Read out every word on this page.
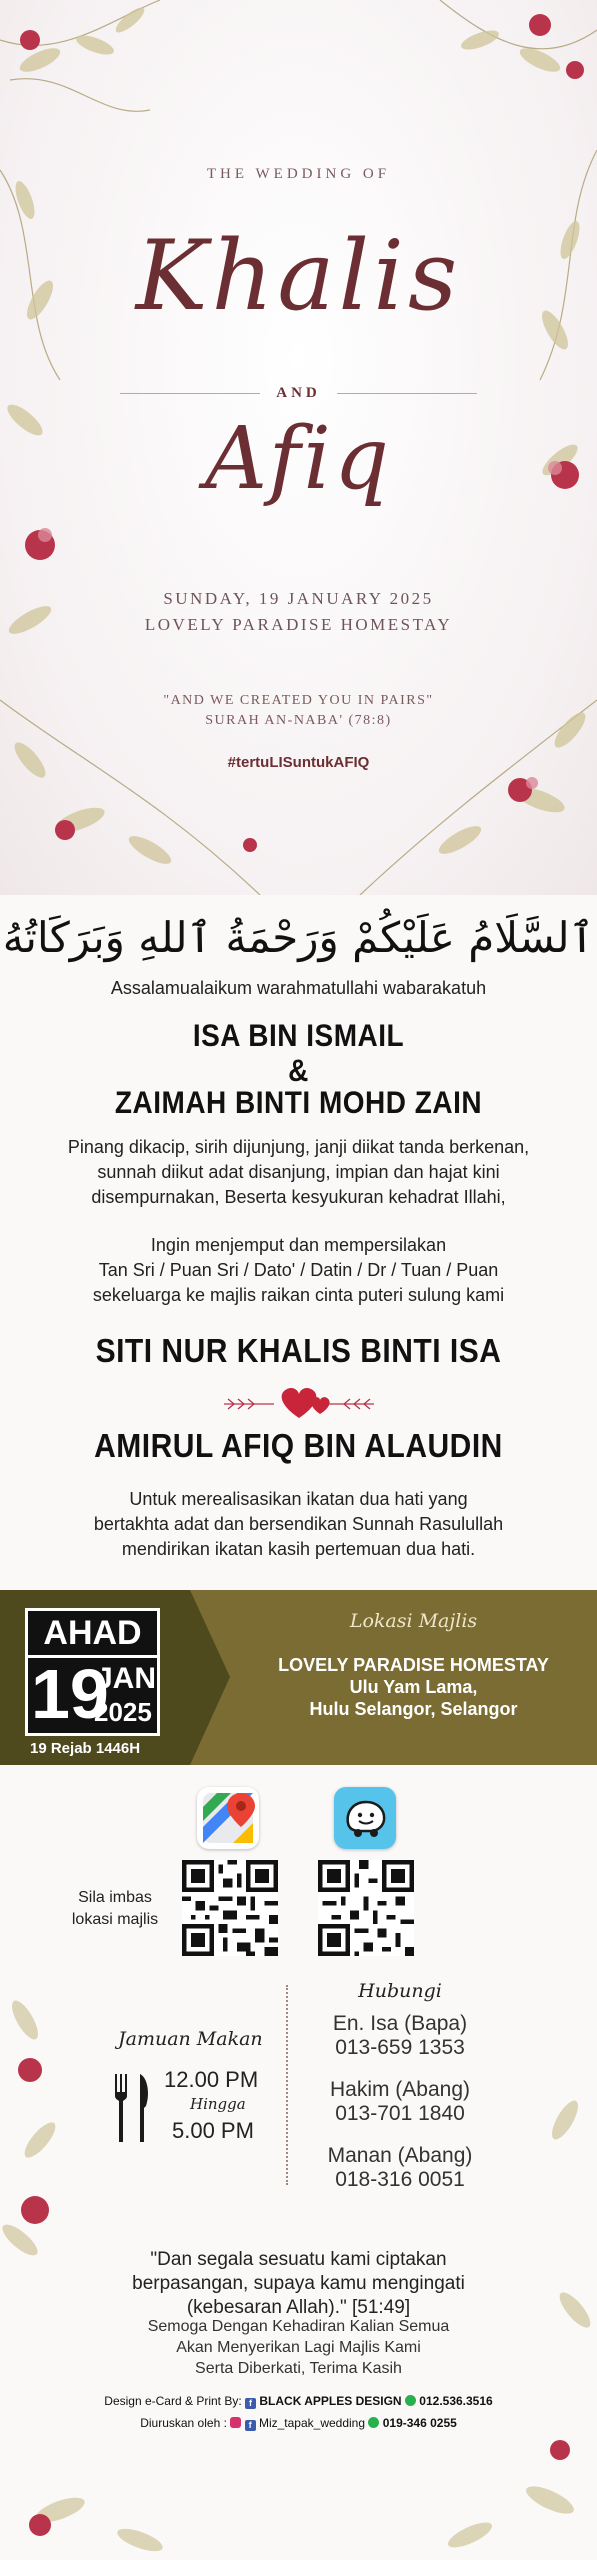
THE WEDDING OF
Khalis
AND
Afiq
SUNDAY, 19 JANUARY 2025
LOVELY PARADISE HOMESTAY
"AND WE CREATED YOU IN PAIRS"
SURAH AN-NABA' (78:8)
#tertuLISuntukAFIQ
ٱلسَّلَامُ عَلَيْكُمْ وَرَحْمَةُ ٱللهِ وَبَرَكَاتُهُ
Assalamualaikum warahmatullahi wabarakatuh
ISA BIN ISMAIL
&
ZAIMAH BINTI MOHD ZAIN
Pinang dikacip, sirih dijunjung, janji diikat tanda berkenan,
sunnah diikut adat disanjung, impian dan hajat kini
disempurnakan, Beserta kesyukuran kehadrat Illahi,
Ingin menjemput dan mempersilakan
Tan Sri / Puan Sri / Dato' / Datin / Dr / Tuan / Puan
sekeluarga ke majlis raikan cinta puteri sulung kami
SITI NUR KHALIS BINTI ISA
AMIRUL AFIQ BIN ALAUDIN
Untuk merealisasikan ikatan dua hati yang
bertakhta adat dan bersendikan Sunnah Rasulullah
mendirikan ikatan kasih pertemuan dua hati.
AHAD
19
JAN
2025
19 Rejab 1446H
Lokasi Majlis
LOVELY PARADISE HOMESTAY
Ulu Yam Lama,
Hulu Selangor, Selangor
Sila imbas
lokasi majlis
Jamuan Makan
12.00 PM
Hingga
5.00 PM
Hubungi
En. Isa (Bapa)
013-659 1353
Hakim (Abang)
013-701 1840
Manan (Abang)
018-316 0051
"Dan segala sesuatu kami ciptakan
berpasangan, supaya kamu mengingati
(kebesaran Allah)." [51:49]
Semoga Dengan Kehadiran Kalian Semua
Akan Menyerikan Lagi Majlis Kami
Serta Diberkati, Terima Kasih
Design e-Card & Print By: f BLACK APPLES DESIGN 012.536.3516
Diuruskan oleh : f Miz_tapak_wedding 019-346 0255
